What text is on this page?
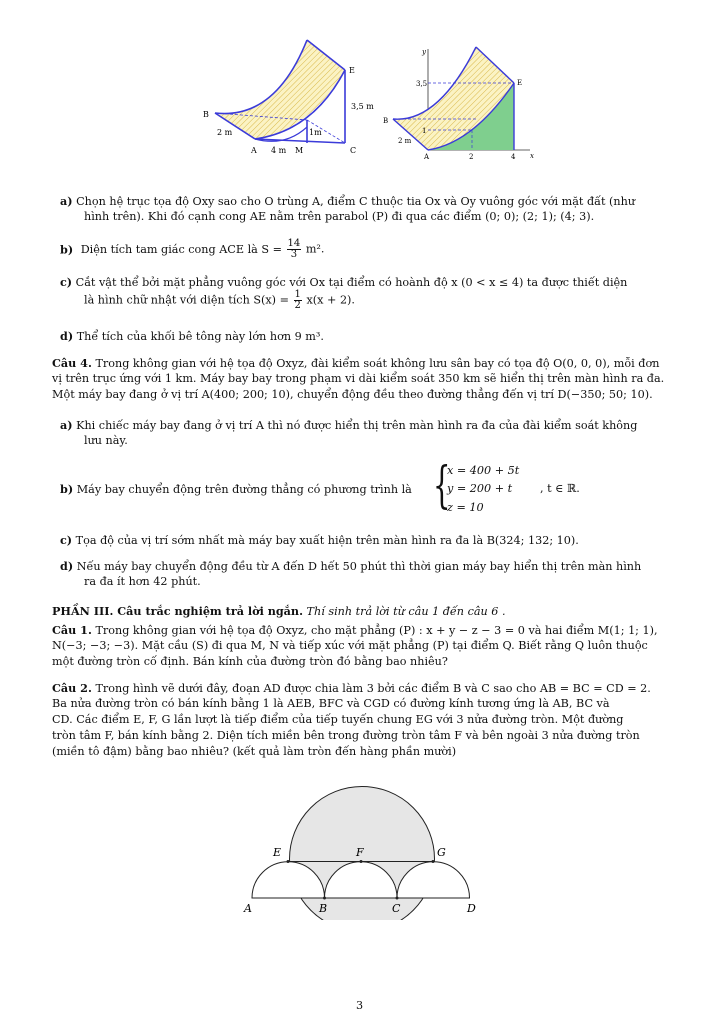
E
B
3,5 m
2 m	1m
A 4 m M	C
y
x
3,5
1
E
B
2 m
A	2	4
a) Chọn hệ trục tọa độ Oxy sao cho O trùng A, điểm C thuộc tia Ox và Oy vuông góc với mặt đất (như
hình trên). Khi đó cạnh cong AE nằm trên parabol (P) đi qua các điểm (0; 0); (2; 1); (4; 3).
b) Diện tích tam giác cong ACE là $S = \frac{14}{3} m^2$.
c) Cắt vật thể bởi mặt phẳng vuông góc với Ox tại điểm có hoành độ x (0 < x ≤ 4) ta được thiết diện
là hình chữ nhật với diện tích $S(x) = \frac{1}{2} x(x + 2)$.
d) Thể tích của khối bê tông này lớn hơn 9 m³.
Câu 4. Trong không gian với hệ tọa độ Oxyz, đài kiểm soát không lưu sân bay có tọa độ O(0, 0, 0), mỗi đơn
vị trên trục ứng với 1 km. Máy bay bay trong phạm vi dài kiểm soát 350 km sẽ hiển thị trên màn hình ra đa.
Một máy bay đang ở vị trí A(400; 200; 10), chuyển động đều theo đường thẳng đến vị trí D(−350; 50; 10).
a) Khi chiếc máy bay đang ở vị trí A thì nó được hiển thị trên màn hình ra đa của đài kiểm soát không
lưu này.
b) Máy bay chuyển động trên đường thẳng có phương trình là {
x = 400 + 5t
y = 200 + t
z = 10
, t ∈ ℝ.
c) Tọa độ của vị trí sớm nhất mà máy bay xuất hiện trên màn hình ra đa là B(324; 132; 10).
d) Nếu máy bay chuyển động đều từ A đến D hết 50 phút thì thời gian máy bay hiển thị trên màn hình
ra đa ít hơn 42 phút.
PHẦN III. Câu trắc nghiệm trả lời ngắn. Thí sinh trả lời từ câu 1 đến câu 6 .
Câu 1. Trong không gian với hệ tọa độ Oxyz, cho mặt phẳng (P) : x + y − z − 3 = 0 và hai điểm M(1; 1; 1),
N(−3; −3; −3). Mặt cầu (S) đi qua M, N và tiếp xúc với mặt phẳng (P) tại điểm Q. Biết rằng Q luôn thuộc
một đường tròn cố định. Bán kính của đường tròn đó bằng bao nhiêu?
Câu 2. Trong hình vẽ dưới đây, đoạn AD được chia làm 3 bởi các điểm B và C sao cho AB = BC = CD = 2.
Ba nửa đường tròn có bán kính bằng 1 là AEB, BFC và CGD có đường kính tương ứng là AB, BC và
CD. Các điểm E, F, G lần lượt là tiếp điểm của tiếp tuyến chung EG với 3 nửa đường tròn. Một đường
tròn tâm F, bán kính bằng 2. Diện tích miền bên trong đường tròn tâm F và bên ngoài 3 nửa đường tròn
(miền tô đậm) bằng bao nhiêu? (kết quả làm tròn đến hàng phần mười)
E	F	G
A	B	C	D
3
